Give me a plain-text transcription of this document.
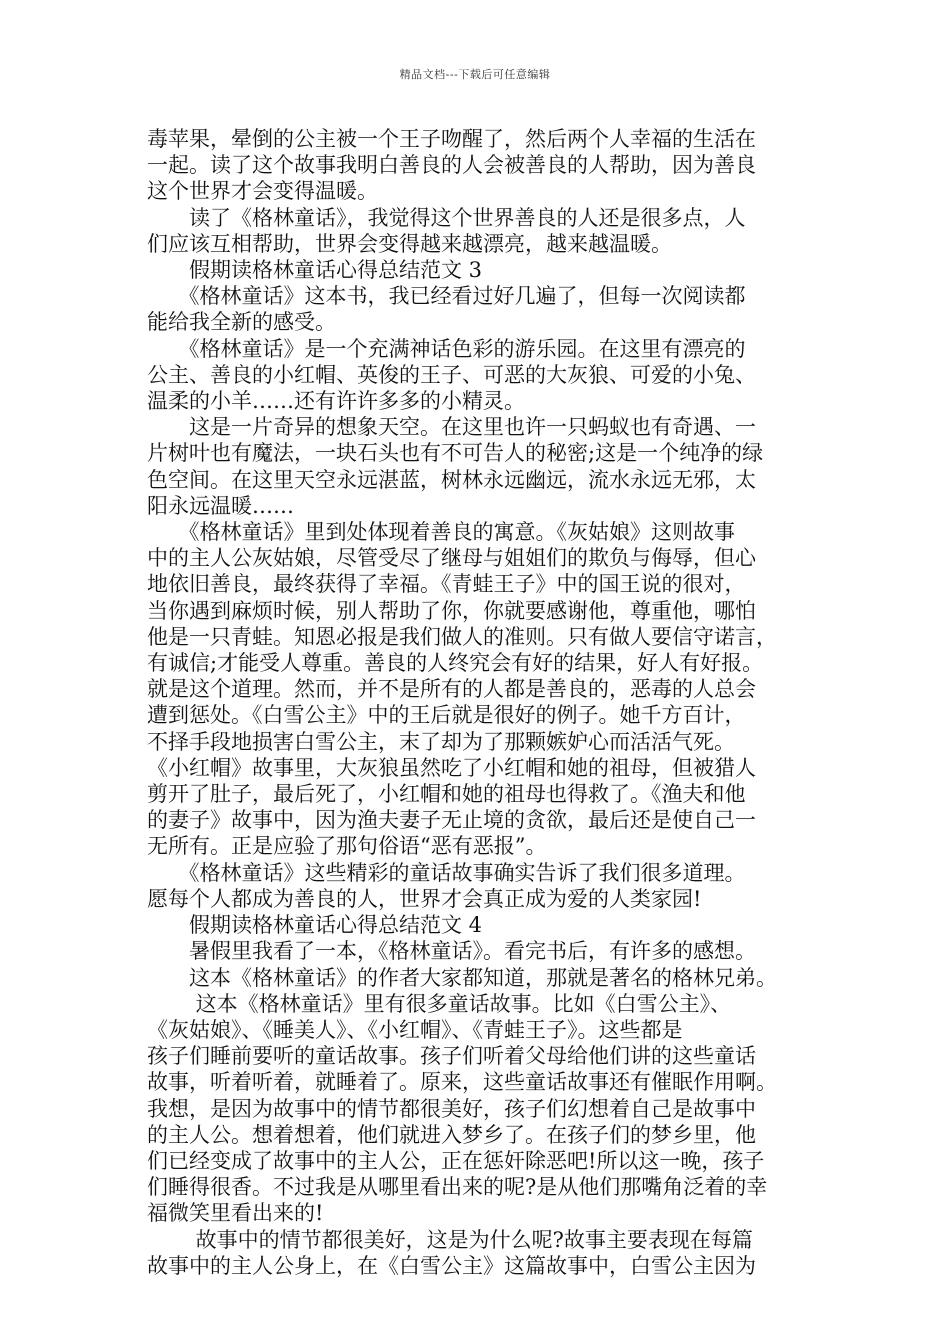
精品文档---下载后可任意编辑

毒苹果，晕倒的公主被一个王子吻醒了，然后两个人幸福的生活在

一起。读了这个故事我明白善良的人会被善良的人帮助，因为善良

这个世界才会变得温暖。

　　读了《格林童话》，我觉得这个世界善良的人还是很多点，人

们应该互相帮助，世界会变得越来越漂亮，越来越温暖。

　　假期读格林童话心得总结范文 3

　　《格林童话》这本书，我已经看过好几遍了，但每一次阅读都

能给我全新的感受。

　　《格林童话》是一个充满神话色彩的游乐园。在这里有漂亮的

公主、善良的小红帽、英俊的王子、可恶的大灰狼、可爱的小兔、

温柔的小羊……还有许许多多的小精灵。

　　这是一片奇异的想象天空。在这里也许一只蚂蚁也有奇遇、一

片树叶也有魔法，一块石头也有不可告人的秘密;这是一个纯净的绿

色空间。在这里天空永远湛蓝，树林永远幽远，流水永远无邪，太

阳永远温暖……

　　《格林童话》里到处体现着善良的寓意。《灰姑娘》这则故事

中的主人公灰姑娘，尽管受尽了继母与姐姐们的欺负与侮辱，但心

地依旧善良，最终获得了幸福。《青蛙王子》中的国王说的很对，

当你遇到麻烦时候，别人帮助了你，你就要感谢他，尊重他，哪怕

他是一只青蛙。知恩必报是我们做人的准则。只有做人要信守诺言，

有诚信;才能受人尊重。善良的人终究会有好的结果，好人有好报。

就是这个道理。然而，并不是所有的人都是善良的，恶毒的人总会

遭到惩处。《白雪公主》中的王后就是很好的例子。她千方百计，

不择手段地损害白雪公主，末了却为了那颗嫉妒心而活活气死。

《小红帽》故事里，大灰狼虽然吃了小红帽和她的祖母，但被猎人

剪开了肚子，最后死了，小红帽和她的祖母也得救了。《渔夫和他

的妻子》故事中，因为渔夫妻子无止境的贪欲，最后还是使自己一

无所有。正是应验了那句俗语“恶有恶报”。

　　《格林童话》这些精彩的童话故事确实告诉了我们很多道理。

愿每个人都成为善良的人，世界才会真正成为爱的人类家园!

　　假期读格林童话心得总结范文 4

　　暑假里我看了一本，《格林童话》。看完书后，有许多的感想。

　　这本《格林童话》的作者大家都知道，那就是著名的格林兄弟。

　　 这本《格林童话》里有很多童话故事。比如《白雪公主》、

《灰姑娘》、《睡美人》、《小红帽》、《青蛙王子》。这些都是

孩子们睡前要听的童话故事。孩子们听着父母给他们讲的这些童话

故事，听着听着，就睡着了。原来，这些童话故事还有催眠作用啊。

我想，是因为故事中的情节都很美好，孩子们幻想着自己是故事中

的主人公。想着想着，他们就进入梦乡了。在孩子们的梦乡里，他

们已经变成了故事中的主人公，正在惩奸除恶吧!所以这一晚，孩子

们睡得很香。不过我是从哪里看出来的呢?是从他们那嘴角泛着的幸

福微笑里看出来的!

　　 故事中的情节都很美好，这是为什么呢?故事主要表现在每篇

故事中的主人公身上，在《白雪公主》这篇故事中，白雪公主因为
